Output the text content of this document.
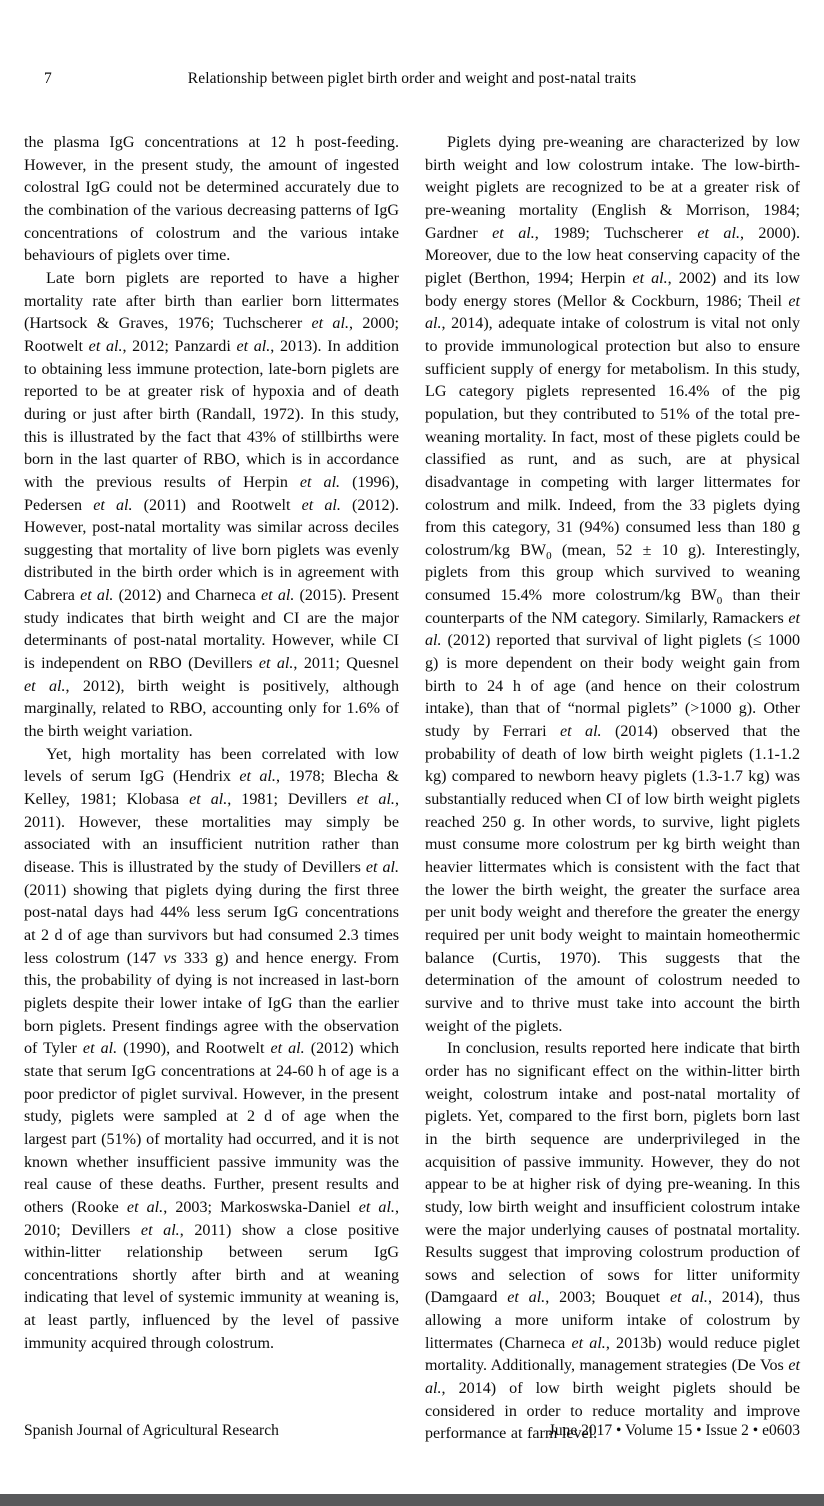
7	Relationship between piglet birth order and weight and post-natal traits

the plasma IgG concentrations at 12 h post-feeding. However, in the present study, the amount of ingested colostral IgG could not be determined accurately due to the combination of the various decreasing patterns of IgG concentrations of colostrum and the various intake behaviours of piglets over time.

Late born piglets are reported to have a higher mortality rate after birth than earlier born littermates (Hartsock & Graves, 1976; Tuchscherer et al., 2000; Rootwelt et al., 2012; Panzardi et al., 2013). In addition to obtaining less immune protection, late-born piglets are reported to be at greater risk of hypoxia and of death during or just after birth (Randall, 1972). In this study, this is illustrated by the fact that 43% of stillbirths were born in the last quarter of RBO, which is in accordance with the previous results of Herpin et al. (1996), Pedersen et al. (2011) and Rootwelt et al. (2012). However, post-natal mortality was similar across deciles suggesting that mortality of live born piglets was evenly distributed in the birth order which is in agreement with Cabrera et al. (2012) and Charneca et al. (2015). Present study indicates that birth weight and CI are the major determinants of post-natal mortality. However, while CI is independent on RBO (Devillers et al., 2011; Quesnel et al., 2012), birth weight is positively, although marginally, related to RBO, accounting only for 1.6% of the birth weight variation.

Yet, high mortality has been correlated with low levels of serum IgG (Hendrix et al., 1978; Blecha & Kelley, 1981; Klobasa et al., 1981; Devillers et al., 2011). However, these mortalities may simply be associated with an insufficient nutrition rather than disease. This is illustrated by the study of Devillers et al. (2011) showing that piglets dying during the first three post-natal days had 44% less serum IgG concentrations at 2 d of age than survivors but had consumed 2.3 times less colostrum (147 vs 333 g) and hence energy. From this, the probability of dying is not increased in last-born piglets despite their lower intake of IgG than the earlier born piglets. Present findings agree with the observation of Tyler et al. (1990), and Rootwelt et al. (2012) which state that serum IgG concentrations at 24-60 h of age is a poor predictor of piglet survival. However, in the present study, piglets were sampled at 2 d of age when the largest part (51%) of mortality had occurred, and it is not known whether insufficient passive immunity was the real cause of these deaths. Further, present results and others (Rooke et al., 2003; Markoswska-Daniel et al., 2010; Devillers et al., 2011) show a close positive within-litter relationship between serum IgG concentrations shortly after birth and at weaning indicating that level of systemic immunity at weaning is, at least partly, influenced by the level of passive immunity acquired through colostrum.

Piglets dying pre-weaning are characterized by low birth weight and low colostrum intake. The low-birth-weight piglets are recognized to be at a greater risk of pre-weaning mortality (English & Morrison, 1984; Gardner et al., 1989; Tuchscherer et al., 2000). Moreover, due to the low heat conserving capacity of the piglet (Berthon, 1994; Herpin et al., 2002) and its low body energy stores (Mellor & Cockburn, 1986; Theil et al., 2014), adequate intake of colostrum is vital not only to provide immunological protection but also to ensure sufficient supply of energy for metabolism. In this study, LG category piglets represented 16.4% of the pig population, but they contributed to 51% of the total pre-weaning mortality. In fact, most of these piglets could be classified as runt, and as such, are at physical disadvantage in competing with larger littermates for colostrum and milk. Indeed, from the 33 piglets dying from this category, 31 (94%) consumed less than 180 g colostrum/kg $BW_0$ (mean, 52 ± 10 g). Interestingly, piglets from this group which survived to weaning consumed 15.4% more colostrum/kg $BW_0$ than their counterparts of the NM category. Similarly, Ramackers et al. (2012) reported that survival of light piglets (≤ 1000 g) is more dependent on their body weight gain from birth to 24 h of age (and hence on their colostrum intake), than that of “normal piglets” (>1000 g). Other study by Ferrari et al. (2014) observed that the probability of death of low birth weight piglets (1.1-1.2 kg) compared to newborn heavy piglets (1.3-1.7 kg) was substantially reduced when CI of low birth weight piglets reached 250 g. In other words, to survive, light piglets must consume more colostrum per kg birth weight than heavier littermates which is consistent with the fact that the lower the birth weight, the greater the surface area per unit body weight and therefore the greater the energy required per unit body weight to maintain homeothermic balance (Curtis, 1970). This suggests that the determination of the amount of colostrum needed to survive and to thrive must take into account the birth weight of the piglets.

In conclusion, results reported here indicate that birth order has no significant effect on the within-litter birth weight, colostrum intake and post-natal mortality of piglets. Yet, compared to the first born, piglets born last in the birth sequence are underprivileged in the acquisition of passive immunity. However, they do not appear to be at higher risk of dying pre-weaning. In this study, low birth weight and insufficient colostrum intake were the major underlying causes of postnatal mortality. Results suggest that improving colostrum production of sows and selection of sows for litter uniformity (Damgaard et al., 2003; Bouquet et al., 2014), thus allowing a more uniform intake of colostrum by littermates (Charneca et al., 2013b) would reduce piglet mortality. Additionally, management strategies (De Vos et al., 2014) of low birth weight piglets should be considered in order to reduce mortality and improve performance at farm level.

Spanish Journal of Agricultural Research	June 2017 • Volume 15 • Issue 2 • e0603
